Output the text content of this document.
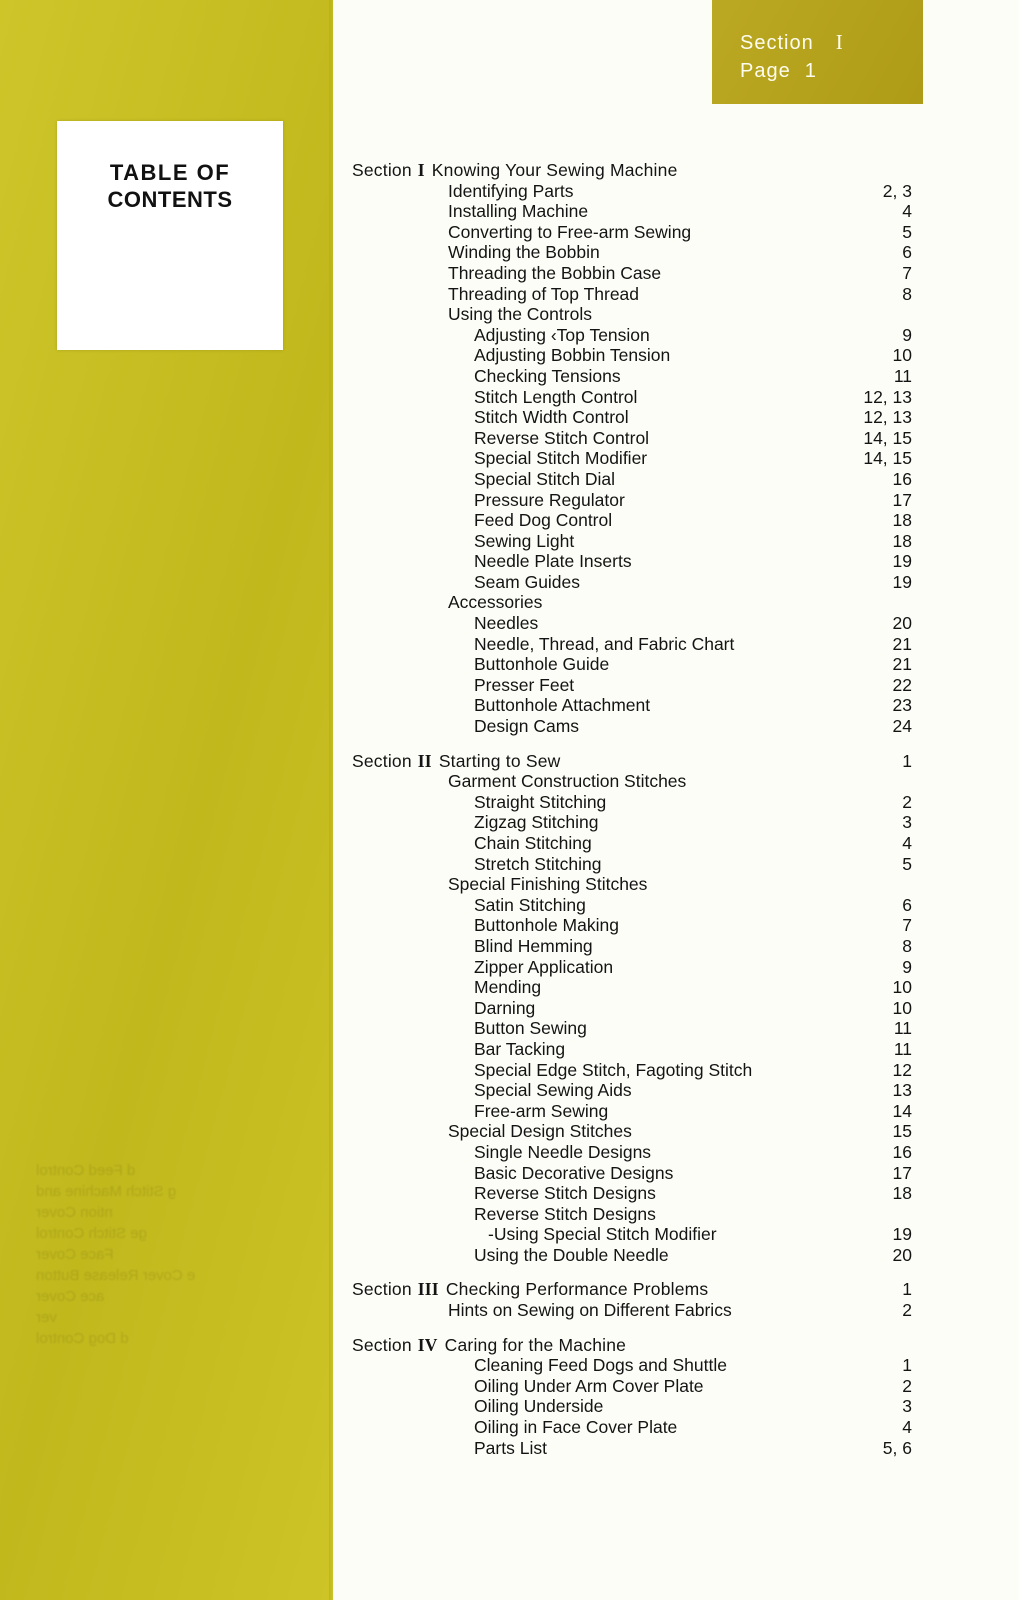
d Feed Control
g Stitch Machine and
ntion Cover
ge Stitch Control
Face Cover
e Cover Release Button
ace Cover
ver
d Dog Control
TABLE OF
CONTENTS
Section I
Page 1
Section I Knowing Your Sewing Machine
Identifying Parts .....	2, 3
Installing Machine .....	4
Converting to Free-arm Sewing .....	5
Winding the Bobbin .....	6
Threading the Bobbin Case .....	7
Threading of Top Thread .....	8
Using the Controls
Adjusting ‹Top Tension .....	9
Adjusting Bobbin Tension .....	10
Checking Tensions .....	11
Stitch Length Control .....	12, 13
Stitch Width Control .....	12, 13
Reverse Stitch Control .....	14, 15
Special Stitch Modifier .....	14, 15
Special Stitch Dial .....	16
Pressure Regulator .....	17
Feed Dog Control .....	18
Sewing Light .....	18
Needle Plate Inserts .....	19
Seam Guides .....	19
Accessories
Needles .....	20
Needle, Thread, and Fabric Chart .....	21
Buttonhole Guide .....	21
Presser Feet .....	22
Buttonhole Attachment .....	23
Design Cams .....	24
Section II Starting to Sew .....	1
Garment Construction Stitches
Straight Stitching .....	2
Zigzag Stitching .....	3
Chain Stitching .....	4
Stretch Stitching .....	5
Special Finishing Stitches
Satin Stitching .....	6
Buttonhole Making .....	7
Blind Hemming .....	8
Zipper Application .....	9
Mending .....	10
Darning .....	10
Button Sewing .....	11
Bar Tacking .....	11
Special Edge Stitch, Fagoting Stitch .....	12
Special Sewing Aids .....	13
Free-arm Sewing .....	14
Special Design Stitches .....	15
Single Needle Designs .....	16
Basic Decorative Designs .....	17
Reverse Stitch Designs .....	18
Reverse Stitch Designs
-Using Special Stitch Modifier .....	19
Using the Double Needle .....	20
Section III Checking Performance Problems .....	1
Hints on Sewing on Different Fabrics .....	2
Section IV Caring for the Machine
Cleaning Feed Dogs and Shuttle .....	1
Oiling Under Arm Cover Plate .....	2
Oiling Underside .....	3
Oiling in Face Cover Plate .....	4
Parts List .....	5, 6
